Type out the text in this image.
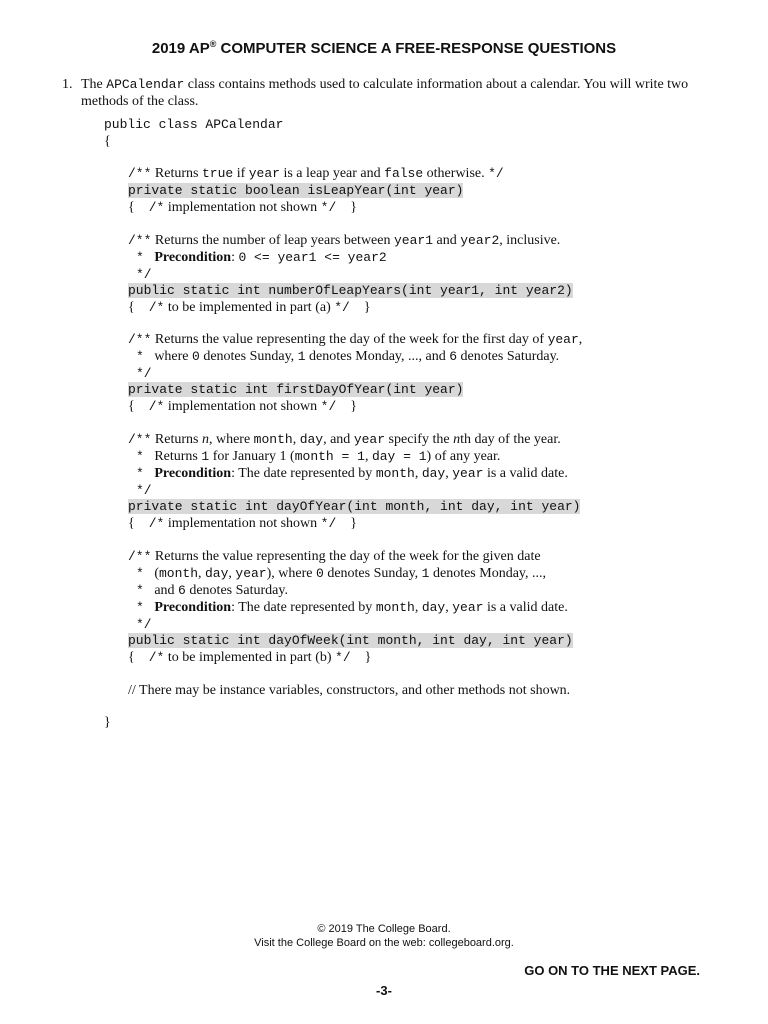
2019 AP® COMPUTER SCIENCE A FREE-RESPONSE QUESTIONS
1. The APCalendar class contains methods used to calculate information about a calendar. You will write two methods of the class.
public class APCalendar
{
/** Returns true if year is a leap year and false otherwise. */
private static boolean isLeapYear(int year)
{ /* implementation not shown */ }
/** Returns the number of leap years between year1 and year2, inclusive.
* Precondition: 0 <= year1 <= year2
*/
public static int numberOfLeapYears(int year1, int year2)
{ /* to be implemented in part (a) */ }
/** Returns the value representing the day of the week for the first day of year,
*   where 0 denotes Sunday, 1 denotes Monday, ..., and 6 denotes Saturday.
*/
private static int firstDayOfYear(int year)
{ /* implementation not shown */ }
/** Returns n, where month, day, and year specify the nth day of the year.
*   Returns 1 for January 1 (month = 1, day = 1) of any year.
* Precondition: The date represented by month, day, year is a valid date.
*/
private static int dayOfYear(int month, int day, int year)
{ /* implementation not shown */ }
/** Returns the value representing the day of the week for the given date
*   (month, day, year), where 0 denotes Sunday, 1 denotes Monday, ...,
*   and 6 denotes Saturday.
* Precondition: The date represented by month, day, year is a valid date.
*/
public static int dayOfWeek(int month, int day, int year)
{ /* to be implemented in part (b) */ }
// There may be instance variables, constructors, and other methods not shown.
}
© 2019 The College Board.
Visit the College Board on the web: collegeboard.org.
GO ON TO THE NEXT PAGE.
-3-
